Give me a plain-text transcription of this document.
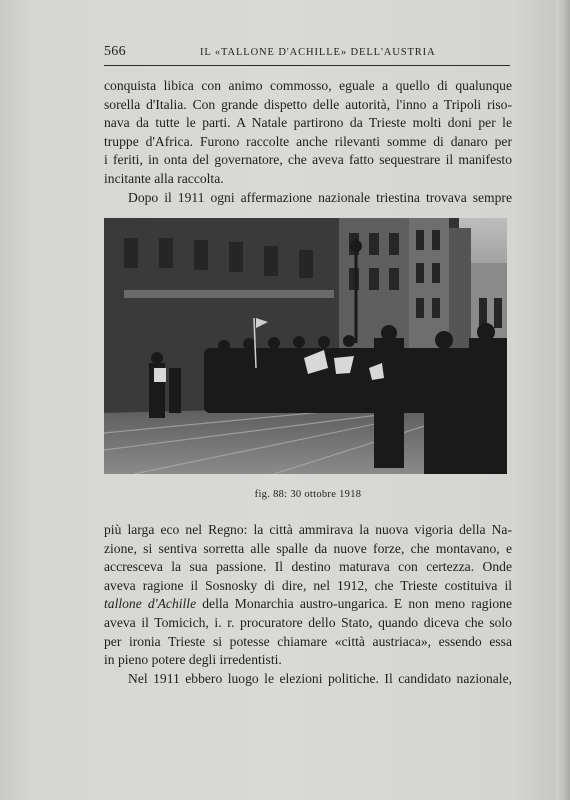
566	IL «TALLONE D'ACHILLE» DELL'AUSTRIA

conquista libica con animo commosso, eguale a quello di qualunque
sorella d'Italia. Con grande dispetto delle autorità, l'inno a Tripoli riso-
nava da tutte le parti. A Natale partirono da Trieste molti doni per le
truppe d'Africa. Furono raccolte anche rilevanti somme di danaro per
i feriti, in onta del governatore, che aveva fatto sequestrare il manifesto
incitante alla raccolta.

Dopo il 1911 ogni affermazione nazionale triestina trovava sempre

fig. 88: 30 ottobre 1918

più larga eco nel Regno: la città ammirava la nuova vigoria della Na-
zione, si sentiva sorretta alle spalle da nuove forze, che montavano, e
accresceva la sua passione. Il destino maturava con certezza. Onde
aveva ragione il Sosnosky di dire, nel 1912, che Trieste costituiva il
tallone d'Achille della Monarchia austro-ungarica. E non meno ragione
aveva il Tomicich, i. r. procuratore dello Stato, quando diceva che solo
per ironia Trieste si potesse chiamare «città austriaca», essendo essa
in pieno potere degli irredentisti.

Nel 1911 ebbero luogo le elezioni politiche. Il candidato nazionale,
